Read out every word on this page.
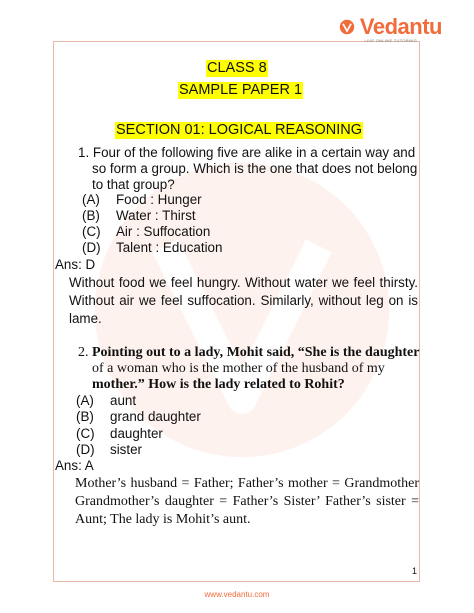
Vedantu
LIVE ONLINE TUTORING
CLASS 8
SAMPLE PAPER 1
SECTION 01: LOGICAL REASONING
1. Four of the following five are alike in a certain way and
so form a group. Which is the one that does not belong
to that group?
(A) Food : Hunger
(B) Water : Thirst
(C) Air : Suffocation
(D) Talent : Education
Ans: D
Without food we feel hungry. Without water we feel thirsty. Without air we feel suffocation. Similarly, without leg on is lame.
2. Pointing out to a lady, Mohit said, “She is the daughter
of a woman who is the mother of the husband of my
mother.” How is the lady related to Rohit?
(A) aunt
(B) grand daughter
(C) daughter
(D) sister
Ans: A
Mother’s husband = Father; Father’s mother = Grandmother Grandmother’s daughter = Father’s Sister’ Father’s sister = Aunt; The lady is Mohit’s aunt.
1
www.vedantu.com
